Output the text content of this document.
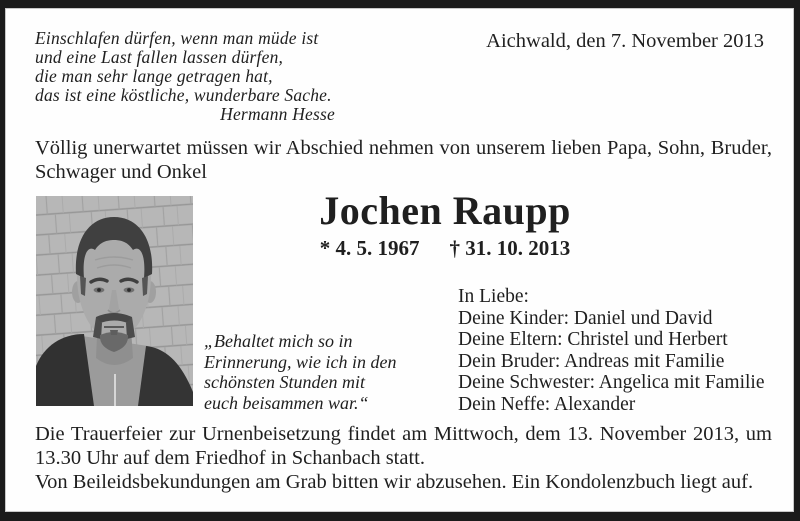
Einschlafen dürfen, wenn man müde ist
und eine Last fallen lassen dürfen,
die man sehr lange getragen hat,
das ist eine köstliche, wunderbare Sache.
Hermann Hesse
Aichwald, den 7. November 2013
Völlig unerwartet müssen wir Abschied nehmen von unserem lieben Papa, Sohn, Bruder,
Schwager und Onkel
Jochen Raupp
* 4. 5. 1967 † 31. 10. 2013
„Behaltet mich so in
Erinnerung, wie ich in den
schönsten Stunden mit
euch beisammen war.“
In Liebe:
Deine Kinder: Daniel und David
Deine Eltern: Christel und Herbert
Dein Bruder: Andreas mit Familie
Deine Schwester: Angelica mit Familie
Dein Neffe: Alexander
Die Trauerfeier zur Urnenbeisetzung findet am Mittwoch, dem 13. November 2013, um
13.30 Uhr auf dem Friedhof in Schanbach statt.
Von Beileidsbekundungen am Grab bitten wir abzusehen. Ein Kondolenzbuch liegt auf.
